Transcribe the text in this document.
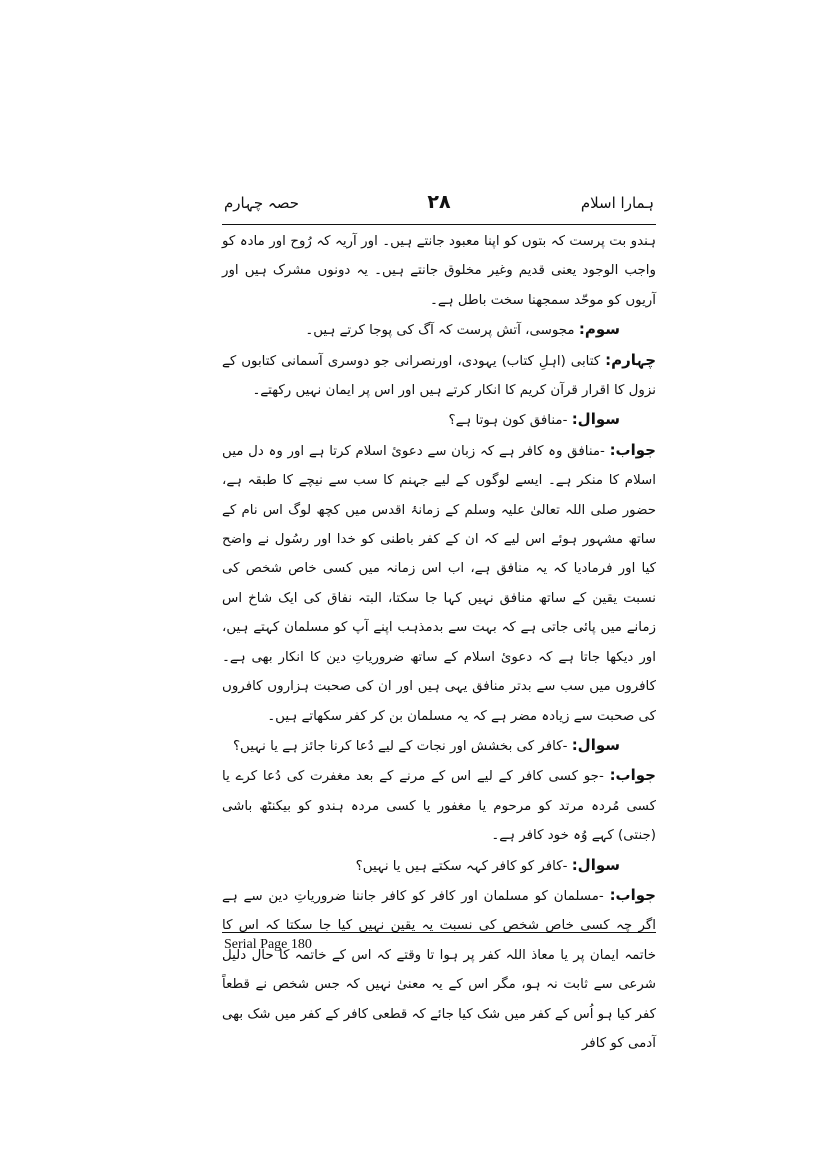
ہمارا اسلام
۲۸
حصہ چہارم

ہندو بت پرست کہ بتوں کو اپنا معبود جانتے ہیں۔ اور آریہ کہ رُوح اور مادہ کو واجب الوجود یعنی قدیم وغیر مخلوق جانتے ہیں۔ یہ دونوں مشرک ہیں اور آریوں کو موحّد سمجھنا سخت باطل ہے۔

سوم: مجوسی، آتش پرست کہ آگ کی پوجا کرتے ہیں۔

چہارم: کتابی (اہلِ کتاب) یہودی، اورنصرانی جو دوسری آسمانی کتابوں کے نزول کا اقرار قرآن کریم کا انکار کرتے ہیں اور اس پر ایمان نہیں رکھتے۔

سوال: -منافق کون ہوتا ہے؟

جواب: -منافق وہ کافر ہے کہ زبان سے دعویٔ اسلام کرتا ہے اور وہ دل میں اسلام کا منکر ہے۔ ایسے لوگوں کے لیے جہنم کا سب سے نیچے کا طبقہ ہے، حضور صلی اللہ تعالیٰ علیہ وسلم کے زمانۂ اقدس میں کچھ لوگ اس نام کے ساتھ مشہور ہوئے اس لیے کہ ان کے کفر باطنی کو خدا اور رسُول نے واضح کیا اور فرمادیا کہ یہ منافق ہے، اب اس زمانہ میں کسی خاص شخص کی نسبت یقین کے ساتھ منافق نہیں کہا جا سکتا، البتہ نفاق کی ایک شاخ اس زمانے میں پائی جاتی ہے کہ بہت سے بدمذہب اپنے آپ کو مسلمان کہتے ہیں، اور دیکھا جاتا ہے کہ دعویٔ اسلام کے ساتھ ضروریاتِ دین کا انکار بھی ہے۔ کافروں میں سب سے بدتر منافق یہی ہیں اور ان کی صحبت ہزاروں کافروں کی صحبت سے زیادہ مضر ہے کہ یہ مسلمان بن کر کفر سکھاتے ہیں۔

سوال: -کافر کی بخشش اور نجات کے لیے دُعا کرنا جائز ہے یا نہیں؟

جواب: -جو کسی کافر کے لیے اس کے مرنے کے بعد مغفرت کی دُعا کرے یا کسی مُردہ مرتد کو مرحوم یا مغفور یا کسی مردہ ہندو کو بیکنٹھ باشی (جنتی) کہے وُہ خود کافر ہے۔

سوال: -کافر کو کافر کہہ سکتے ہیں یا نہیں؟

جواب: -مسلمان کو مسلمان اور کافر کو کافر جاننا ضروریاتِ دین سے ہے اگر چہ کسی خاص شخص کی نسبت یہ یقین نہیں کیا جا سکتا کہ اس کا خاتمہ ایمان پر یا معاذ اللہ کفر پر ہوا تا وقتے کہ اس کے خاتمہ کا حال دلیل شرعی سے ثابت نہ ہو، مگر اس کے یہ معنیٰ نہیں کہ جس شخص نے قطعاً کفر کیا ہو اُس کے کفر میں شک کیا جائے کہ قطعی کافر کے کفر میں شک بھی آدمی کو کافر

Serial Page 180
